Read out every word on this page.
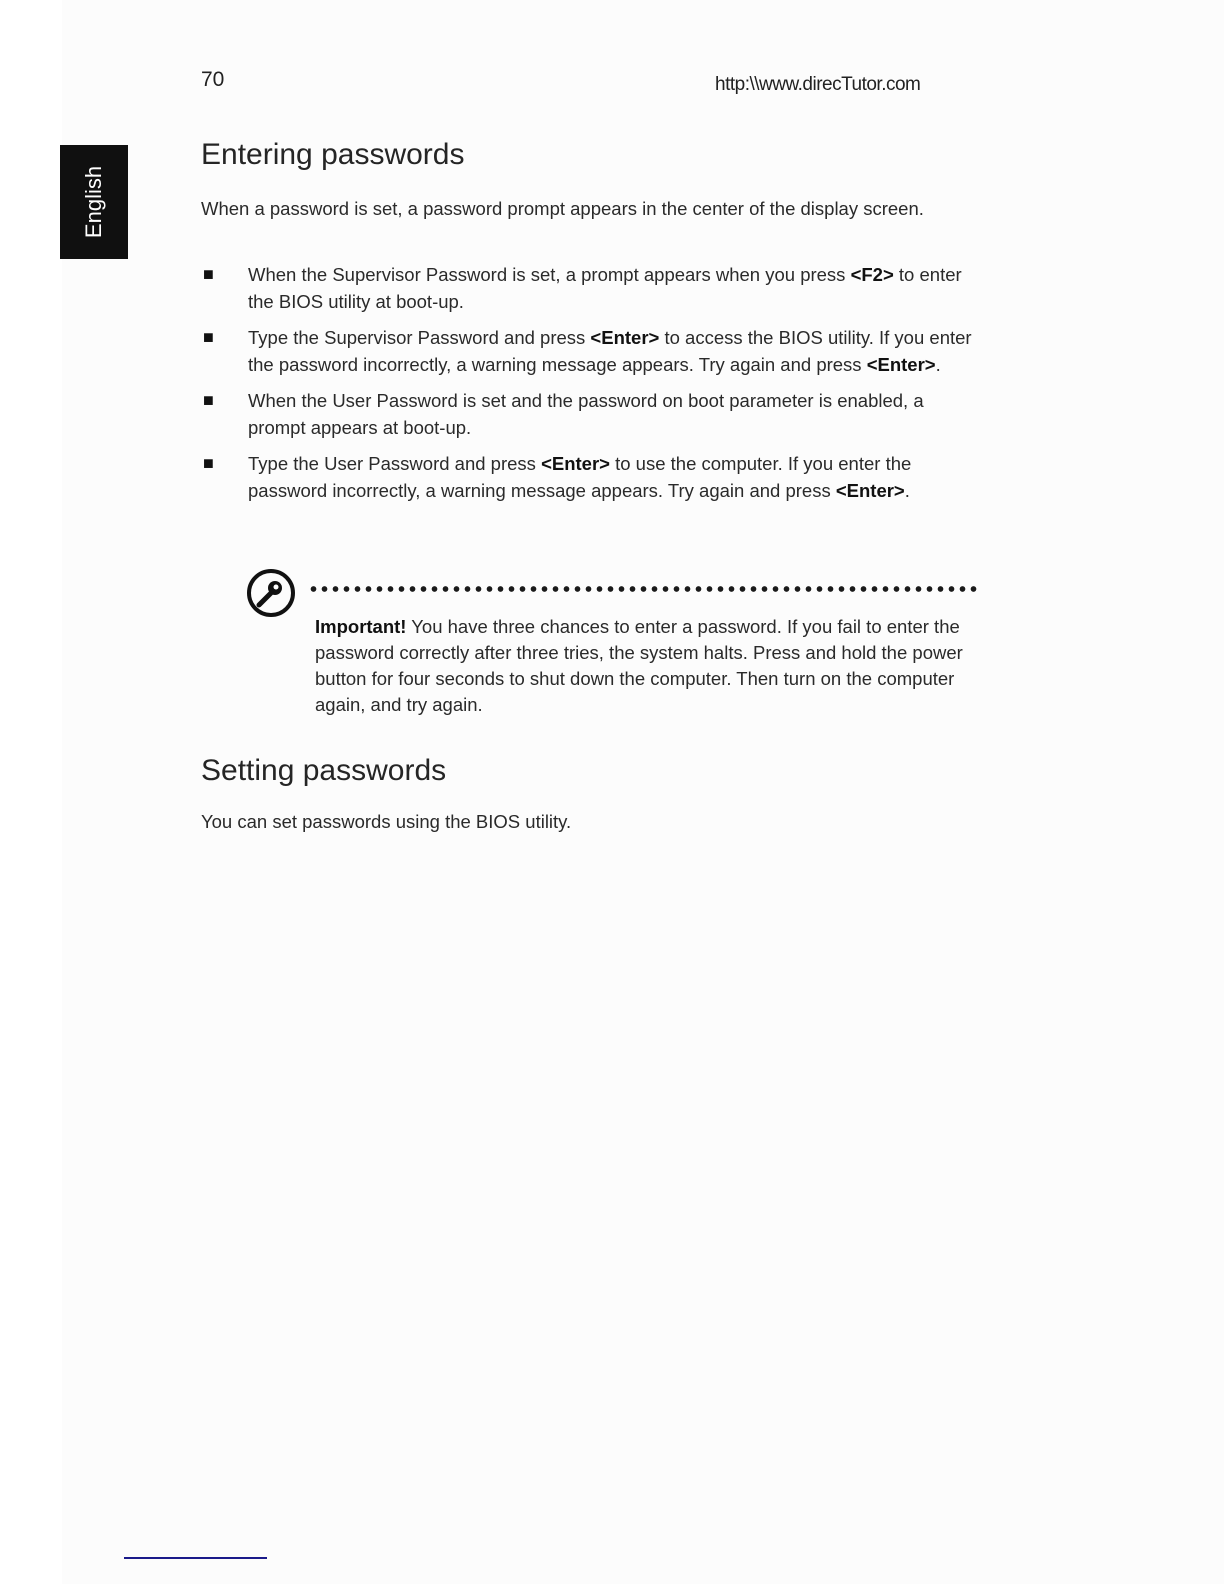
70	http:\\www.direcTutor.com
English
Entering passwords

When a password is set, a password prompt appears in the center of the display screen.

■ When the Supervisor Password is set, a prompt appears when you press <F2> to enter the BIOS utility at boot-up.
■ Type the Supervisor Password and press <Enter> to access the BIOS utility. If you enter the password incorrectly, a warning message appears. Try again and press <Enter>.
■ When the User Password is set and the password on boot parameter is enabled, a prompt appears at boot-up.
■ Type the User Password and press <Enter> to use the computer. If you enter the password incorrectly, a warning message appears. Try again and press <Enter>.

Important! You have three chances to enter a password. If you fail to enter the password correctly after three tries, the system halts. Press and hold the power button for four seconds to shut down the computer. Then turn on the computer again, and try again.

Setting passwords

You can set passwords using the BIOS utility.
